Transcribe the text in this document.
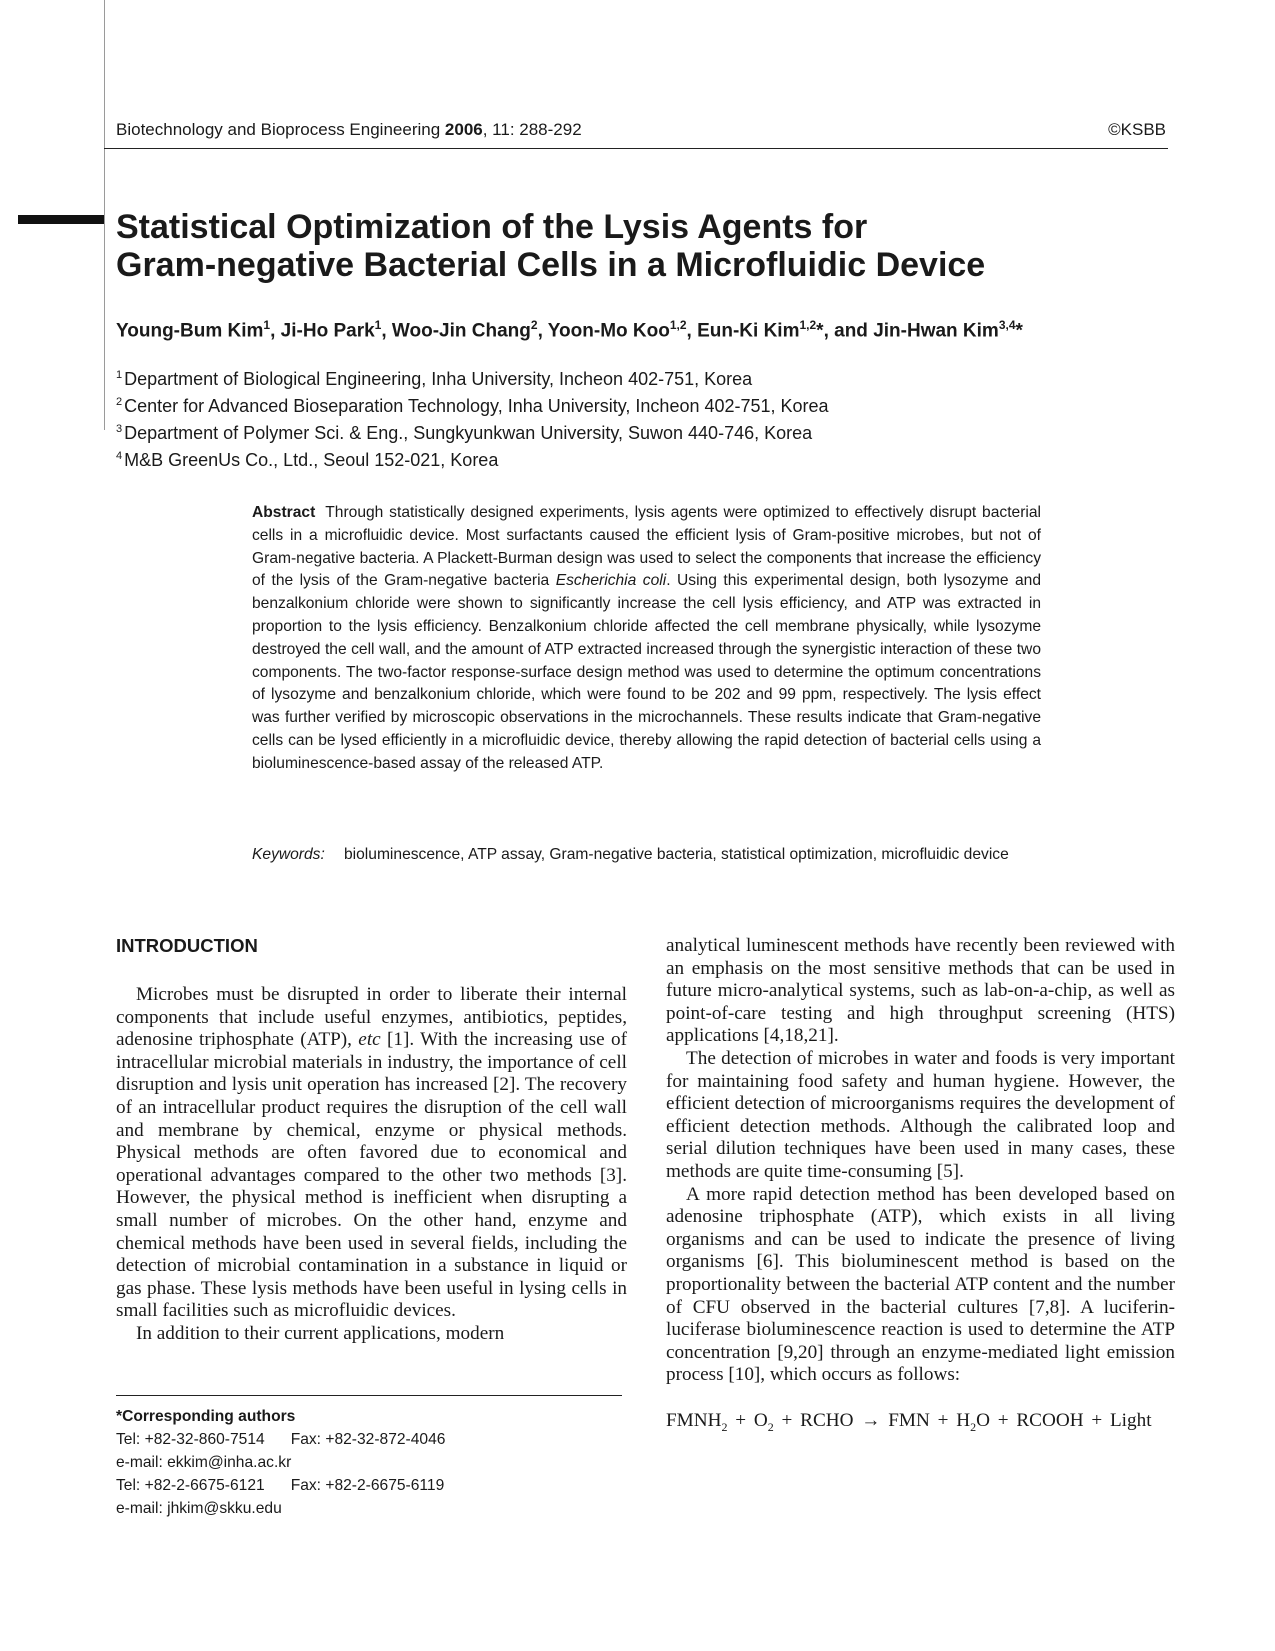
Biotechnology and Bioprocess Engineering 2006, 11: 288-292	©KSBB
Statistical Optimization of the Lysis Agents for
Gram-negative Bacterial Cells in a Microfluidic Device
Young-Bum Kim$^1$, Ji-Ho Park$^1$, Woo-Jin Chang$^2$, Yoon-Mo Koo$^{1,2}$, Eun-Ki Kim$^{1,2}$*, and Jin-Hwan Kim$^{3,4}$*
$^1$ Department of Biological Engineering, Inha University, Incheon 402-751, Korea
$^2$ Center for Advanced Bioseparation Technology, Inha University, Incheon 402-751, Korea
$^3$ Department of Polymer Sci. & Eng., Sungkyunkwan University, Suwon 440-746, Korea
$^4$ M&B GreenUs Co., Ltd., Seoul 152-021, Korea
Abstract Through statistically designed experiments, lysis agents were optimized to effectively disrupt bacterial cells in a microfluidic device. Most surfactants caused the efficient lysis of Gram-positive microbes, but not of Gram-negative bacteria. A Plackett-Burman design was used to select the components that increase the efficiency of the lysis of the Gram-negative bacteria Escherichia coli. Using this experimental design, both lysozyme and benzalkonium chloride were shown to significantly increase the cell lysis efficiency, and ATP was extracted in proportion to the lysis efficiency. Benzalkonium chloride affected the cell membrane physically, while lysozyme destroyed the cell wall, and the amount of ATP extracted increased through the synergistic interaction of these two components. The two-factor response-surface design method was used to determine the optimum concentrations of lysozyme and benzalkonium chloride, which were found to be 202 and 99 ppm, respectively. The lysis effect was further verified by microscopic observations in the microchannels. These results indicate that Gram-negative cells can be lysed efficiently in a microfluidic device, thereby allowing the rapid detection of bacterial cells using a bioluminescence-based assay of the released ATP.
Keywords:	bioluminescence, ATP assay, Gram-negative bacteria, statistical optimization, microfluidic device
INTRODUCTION

Microbes must be disrupted in order to liberate their internal components that include useful enzymes, antibiotics, peptides, adenosine triphosphate (ATP), etc [1]. With the increasing use of intracellular microbial materials in industry, the importance of cell disruption and lysis unit operation has increased [2]. The recovery of an intracellular product requires the disruption of the cell wall and membrane by chemical, enzyme or physical methods. Physical methods are often favored due to economical and operational advantages compared to the other two methods [3]. However, the physical method is inefficient when disrupting a small number of microbes. On the other hand, enzyme and chemical methods have been used in several fields, including the detection of microbial contamination in a substance in liquid or gas phase. These lysis methods have been useful in lysing cells in small facilities such as microfluidic devices.

In addition to their current applications, modern

*Corresponding authors
Tel: +82-32-860-7514 Fax: +82-32-872-4046
e-mail: ekkim@inha.ac.kr
Tel: +82-2-6675-6121 Fax: +82-2-6675-6119
e-mail: jhkim@skku.edu

analytical luminescent methods have recently been reviewed with an emphasis on the most sensitive methods that can be used in future micro-analytical systems, such as lab-on-a-chip, as well as point-of-care testing and high throughput screening (HTS) applications [4,18,21].

The detection of microbes in water and foods is very important for maintaining food safety and human hygiene. However, the efficient detection of microorganisms requires the development of efficient detection methods. Although the calibrated loop and serial dilution techniques have been used in many cases, these methods are quite time-consuming [5].

A more rapid detection method has been developed based on adenosine triphosphate (ATP), which exists in all living organisms and can be used to indicate the presence of living organisms [6]. This bioluminescent method is based on the proportionality between the bacterial ATP content and the number of CFU observed in the bacterial cultures [7,8]. A luciferin-luciferase bioluminescence reaction is used to determine the ATP concentration [9,20] through an enzyme-mediated light emission process [10], which occurs as follows:

$FMNH_2 + O_2$ + RCHO → FMN + $H_2O$ + RCOOH + Light
